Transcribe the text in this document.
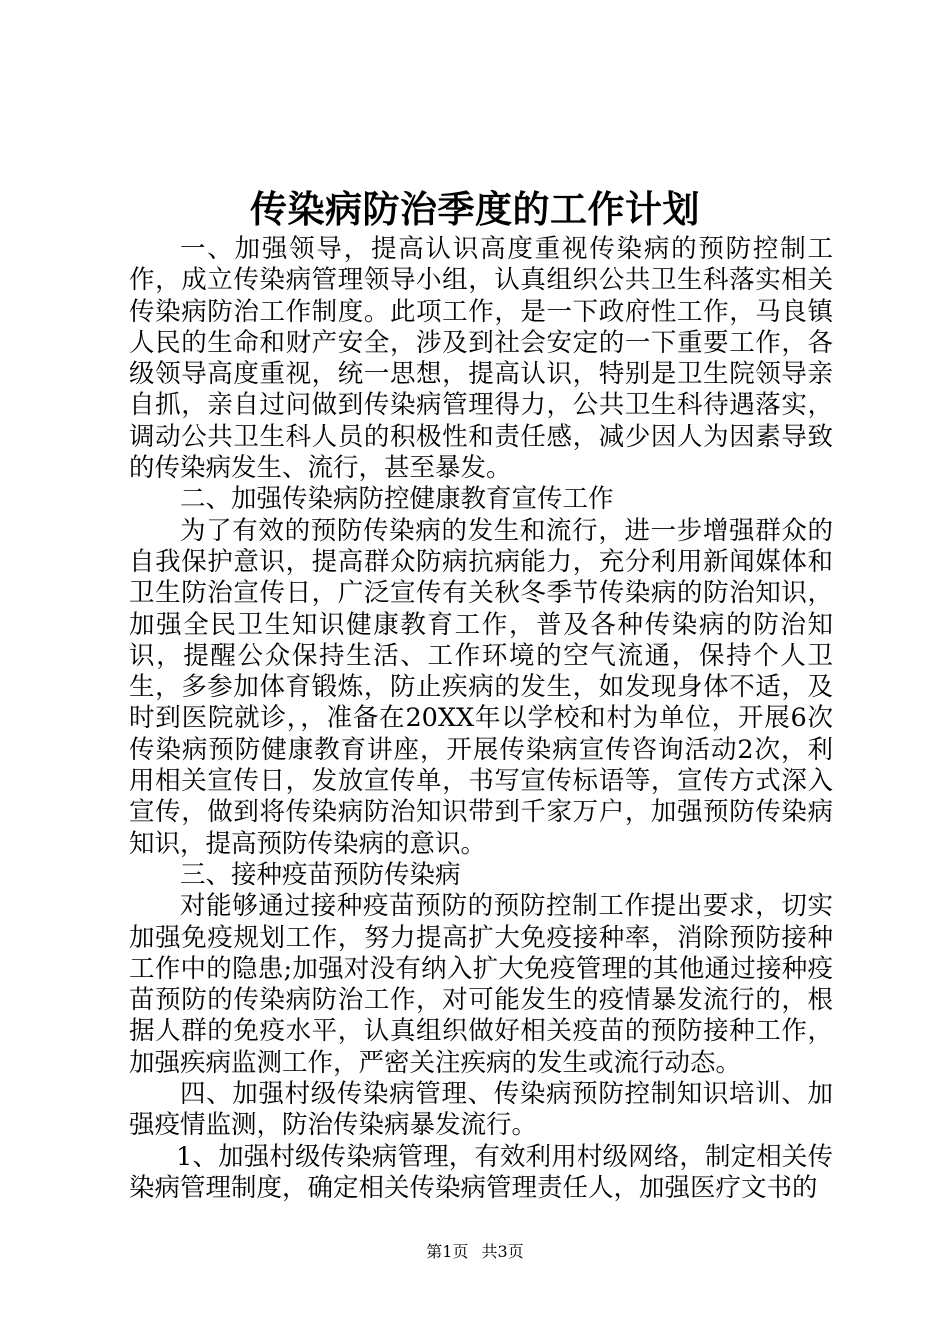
传染病防治季度的工作计划

一、加强领导，提高认识高度重视传染病的预防控制工作，成立传染病管理领导小组，认真组织公共卫生科落实相关传染病防治工作制度。此项工作，是一下政府性工作，马良镇人民的生命和财产安全，涉及到社会安定的一下重要工作，各级领导高度重视，统一思想，提高认识，特别是卫生院领导亲自抓，亲自过问做到传染病管理得力，公共卫生科待遇落实，调动公共卫生科人员的积极性和责任感，减少因人为因素导致的传染病发生、流行，甚至暴发。

二、加强传染病防控健康教育宣传工作

为了有效的预防传染病的发生和流行，进一步增强群众的自我保护意识，提高群众防病抗病能力，充分利用新闻媒体和卫生防治宣传日，广泛宣传有关秋冬季节传染病的防治知识，加强全民卫生知识健康教育工作，普及各种传染病的防治知识，提醒公众保持生活、工作环境的空气流通，保持个人卫生，多参加体育锻炼，防止疾病的发生，如发现身体不适，及时到医院就诊，，准备在20XX年以学校和村为单位，开展6次传染病预防健康教育讲座，开展传染病宣传咨询活动2次，利用相关宣传日，发放宣传单，书写宣传标语等，宣传方式深入宣传，做到将传染病防治知识带到千家万户，加强预防传染病知识，提高预防传染病的意识。

三、接种疫苗预防传染病

对能够通过接种疫苗预防的预防控制工作提出要求，切实加强免疫规划工作，努力提高扩大免疫接种率，消除预防接种工作中的隐患;加强对没有纳入扩大免疫管理的其他通过接种疫苗预防的传染病防治工作，对可能发生的疫情暴发流行的，根据人群的免疫水平，认真组织做好相关疫苗的预防接种工作，加强疾病监测工作，严密关注疾病的发生或流行动态。

四、加强村级传染病管理、传染病预防控制知识培训、加强疫情监测，防治传染病暴发流行。

1、加强村级传染病管理，有效利用村级网络，制定相关传染病管理制度，确定相关传染病管理责任人，加强医疗文书的

第1页 共3页
